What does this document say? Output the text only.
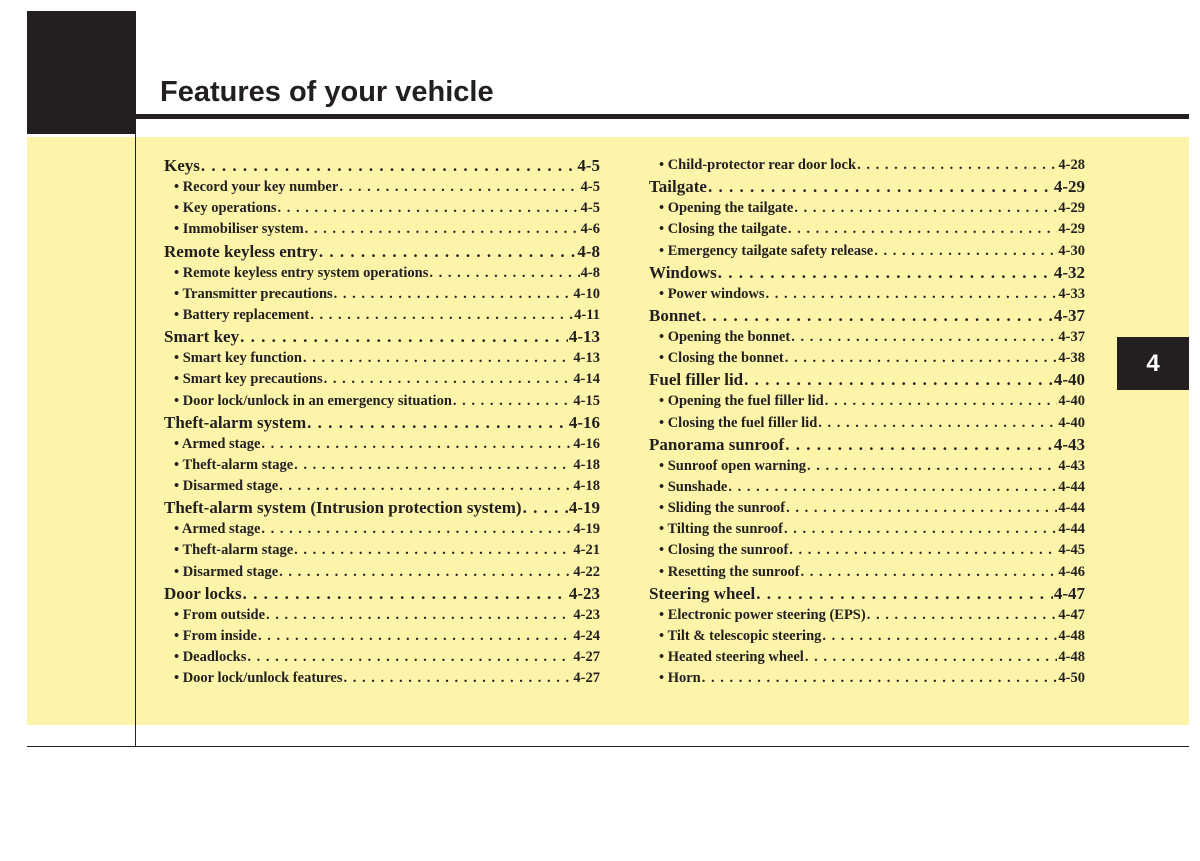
Features of your vehicle
4
Keys . . .	4-5
• Record your key number . . .	4-5
• Key operations . . .	4-5
• Immobiliser system . . .	4-6
Remote keyless entry . . .	4-8
• Remote keyless entry system operations . . .	4-8
• Transmitter precautions . . .	4-10
• Battery replacement . . .	4-11
Smart key . . .	4-13
• Smart key function . . .	4-13
• Smart key precautions . . .	4-14
• Door lock/unlock in an emergency situation . . .	4-15
Theft-alarm system . . .	4-16
• Armed stage . . .	4-16
• Theft-alarm stage . . .	4-18
• Disarmed stage . . .	4-18
Theft-alarm system (Intrusion protection system) . . .	4-19
• Armed stage . . .	4-19
• Theft-alarm stage . . .	4-21
• Disarmed stage . . .	4-22
Door locks . . .	4-23
• From outside . . .	4-23
• From inside . . .	4-24
• Deadlocks . . .	4-27
• Door lock/unlock features . . .	4-27
• Child-protector rear door lock . . .	4-28
Tailgate . . .	4-29
• Opening the tailgate . . .	4-29
• Closing the tailgate . . .	4-29
• Emergency tailgate safety release . . .	4-30
Windows . . .	4-32
• Power windows . . .	4-33
Bonnet . . .	4-37
• Opening the bonnet . . .	4-37
• Closing the bonnet . . .	4-38
Fuel filler lid . . .	4-40
• Opening the fuel filler lid . . .	4-40
• Closing the fuel filler lid . . .	4-40
Panorama sunroof . . .	4-43
• Sunroof open warning . . .	4-43
• Sunshade . . .	4-44
• Sliding the sunroof . . .	4-44
• Tilting the sunroof . . .	4-44
• Closing the sunroof . . .	4-45
• Resetting the sunroof . . .	4-46
Steering wheel . . .	4-47
• Electronic power steering (EPS) . . .	4-47
• Tilt & telescopic steering . . .	4-48
• Heated steering wheel . . .	4-48
• Horn . . .	4-50
